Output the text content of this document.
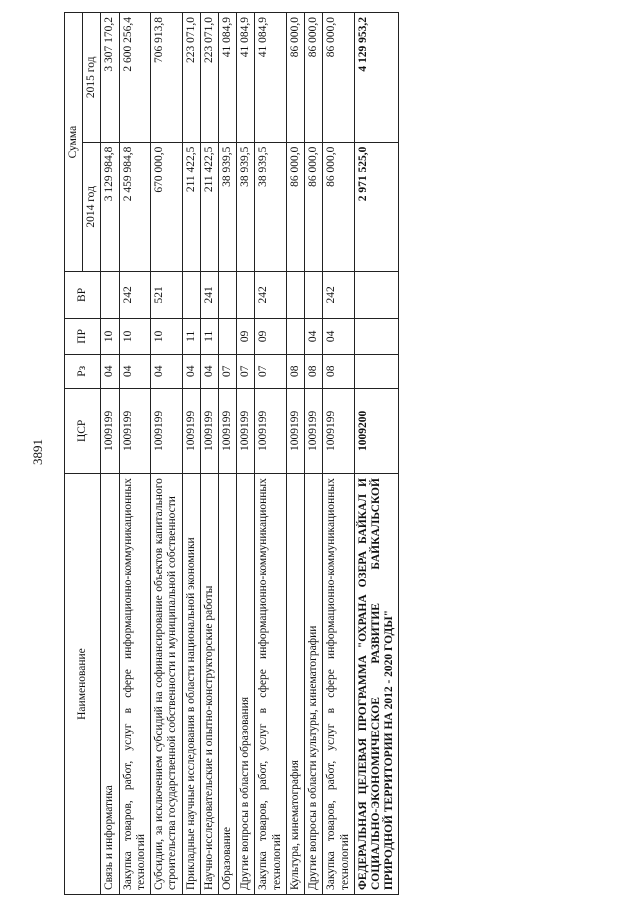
3891
Наименование	ЦСР	Рз	ПР	ВР	Сумма	
					2014 год	2015 год
Связь и информатика	1009199	04	10		3 129 984,8	3 307 170,2
Закупка товаров, работ, услуг в сфере информационно-коммуникационных технологий	1009199	04	10	242	2 459 984,8	2 600 256,4
Субсидии, за исключением субсидий на софинансирование объектов капитального строительства государственной собственности и муниципальной собственности	1009199	04	10	521	670 000,0	706 913,8
Прикладные научные исследования в области национальной экономики	1009199	04	11		211 422,5	223 071,0
Научно-исследовательские и опытно-конструкторские работы	1009199	04	11	241	211 422,5	223 071,0
Образование	1009199	07			38 939,5	41 084,9
Другие вопросы в области образования	1009199	07	09		38 939,5	41 084,9
Закупка товаров, работ, услуг в сфере информационно-коммуникационных технологий	1009199	07	09	242	38 939,5	41 084,9
Культура, кинематография	1009199	08			86 000,0	86 000,0
Другие вопросы в области культуры, кинематографии	1009199	08	04		86 000,0	86 000,0
Закупка товаров, работ, услуг в сфере информационно-коммуникационных технологий	1009199	08	04	242	86 000,0	86 000,0
ФЕДЕРАЛЬНАЯ ЦЕЛЕВАЯ ПРОГРАММА "ОХРАНА ОЗЕРА БАЙКАЛ И СОЦИАЛЬНО-ЭКОНОМИЧЕСКОЕ РАЗВИТИЕ БАЙКАЛЬСКОЙ ПРИРОДНОЙ ТЕРРИТОРИИ НА 2012 - 2020 ГОДЫ"	1009200				2 971 525,0	4 129 953,2
